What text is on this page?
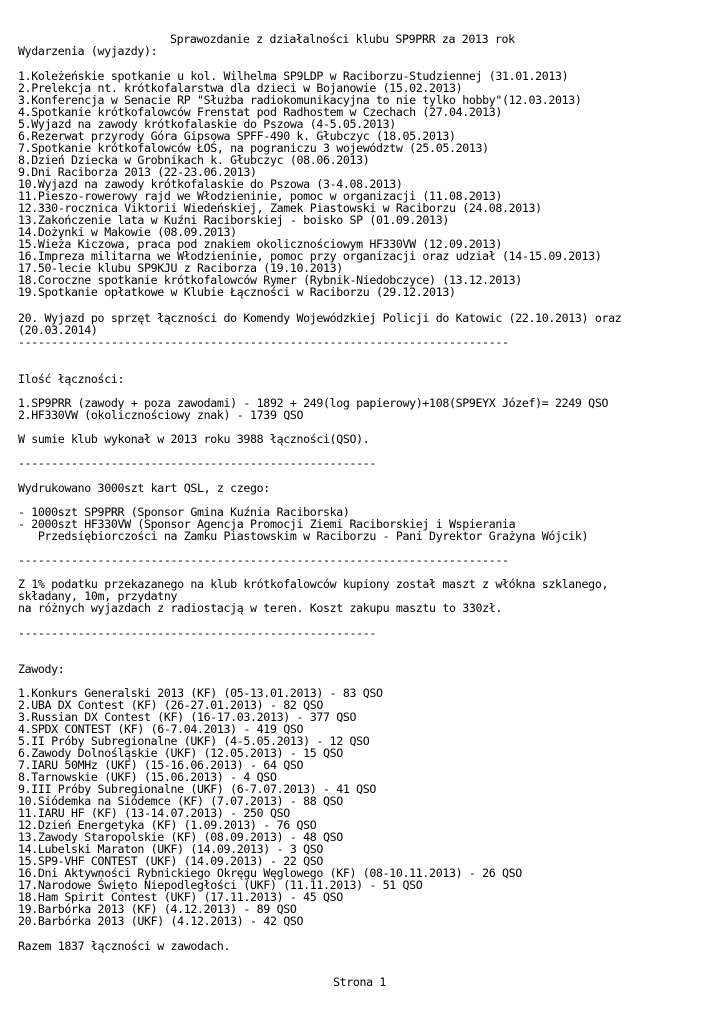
Sprawozdanie z działalności klubu SP9PRR za 2013 rok
Wydarzenia (wyjazdy):
1.Koleżeńskie spotkanie u kol. Wilhelma SP9LDP w Raciborzu-Studziennej (31.01.2013)
2.Prelekcja nt. krótkofalarstwa dla dzieci w Bojanowie (15.02.2013)
3.Konferencja w Senacie RP "Służba radiokomunikacyjna to nie tylko hobby"(12.03.2013)
4.Spotkanie krótkofalowców Frenstat pod Radhostem w Czechach (27.04.2013)
5.Wyjazd na zawody krótkofalaskie do Pszowa (4-5.05.2013)
6.Rezerwat przyrody Góra Gipsowa SPFF-490 k. Głubczyc (18.05.2013)
7.Spotkanie krótkofalowców ŁOŚ, na pograniczu 3 województw (25.05.2013)
8.Dzień Dziecka w Grobnikach k. Głubczyc (08.06.2013)
9.Dni Raciborza 2013 (22-23.06.2013)
10.Wyjazd na zawody krótkofalaskie do Pszowa (3-4.08.2013)
11.Pieszo-rowerowy rajd we Włodzieninie, pomoc w organizacji (11.08.2013)
12.330-rocznica Viktorii Wiedeńskiej, Zamek Piastowski w Raciborzu (24.08.2013)
13.Zakończenie lata w Kuźni Raciborskiej - boisko SP (01.09.2013)
14.Dożynki w Makowie (08.09.2013)
15.Wieża Kiczowa, praca pod znakiem okolicznościowym HF330VW (12.09.2013)
16.Impreza militarna we Włodzieninie, pomoc przy organizacji oraz udział (14-15.09.2013)
17.50-lecie klubu SP9KJU z Raciborza (19.10.2013)
18.Coroczne spotkanie krótkofalowców Rymer (Rybnik-Niedobczyce) (13.12.2013)
19.Spotkanie opłatkowe w Klubie Łączności w Raciborzu (29.12.2013)
20. Wyjazd po sprzęt łączności do Komendy Wojewódzkiej Policji do Katowic (22.10.2013) oraz
(20.03.2014)
--------------------------------------------------------------------------
Ilość łączności:
1.SP9PRR (zawody + poza zawodami) - 1892 + 249(log papierowy)+108(SP9EYX Józef)= 2249 QSO
2.HF330VW (okolicznościowy znak) - 1739 QSO
W sumie klub wykonał w 2013 roku 3988 łączności(QSO).
------------------------------------------------------
Wydrukowano 3000szt kart QSL, z czego:
- 1000szt SP9PRR (Sponsor Gmina Kuźnia Raciborska)
- 2000szt HF330VW (Sponsor Agencja Promocji Ziemi Raciborskiej i Wspierania
Przedsiębiorczości na Zamku Piastowskim w Raciborzu - Pani Dyrektor Grażyna Wójcik)
--------------------------------------------------------------------------
Z 1% podatku przekazanego na klub krótkofalowców kupiony został maszt z włókna szklanego,
składany, 10m, przydatny
na różnych wyjazdach z radiostacją w teren. Koszt zakupu masztu to 330zł.
------------------------------------------------------
Zawody:
1.Konkurs Generalski 2013 (KF) (05-13.01.2013) - 83 QSO
2.UBA DX Contest (KF) (26-27.01.2013) - 82 QSO
3.Russian DX Contest (KF) (16-17.03.2013) - 377 QSO
4.SPDX CONTEST (KF) (6-7.04.2013) - 419 QSO
5.II Próby Subregionalne (UKF) (4-5.05.2013) - 12 QSO
6.Zawody Dolnośląskie (UKF) (12.05.2013) - 15 QSO
7.IARU 50MHz (UKF) (15-16.06.2013) - 64 QSO
8.Tarnowskie (UKF) (15.06.2013) - 4 QSO
9.III Próby Subregionalne (UKF) (6-7.07.2013) - 41 QSO
10.Siódemka na Siódemce (KF) (7.07.2013) - 88 QSO
11.IARU HF (KF) (13-14.07.2013) - 250 QSO
12.Dzień Energetyka (KF) (1.09.2013) - 76 QSO
13.Zawody Staropolskie (KF) (08.09.2013) - 48 QSO
14.Lubelski Maraton (UKF) (14.09.2013) - 3 QSO
15.SP9-VHF CONTEST (UKF) (14.09.2013) - 22 QSO
16.Dni Aktywności Rybnickiego Okręgu Węglowego (KF) (08-10.11.2013) - 26 QSO
17.Narodowe Święto Niepodległości (UKF) (11.11.2013) - 51 QSO
18.Ham Spirit Contest (UKF) (17.11.2013) - 45 QSO
19.Barbórka 2013 (KF) (4.12.2013) - 89 QSO
20.Barbórka 2013 (UKF) (4.12.2013) - 42 QSO
Razem 1837 łączności w zawodach.
Strona 1
